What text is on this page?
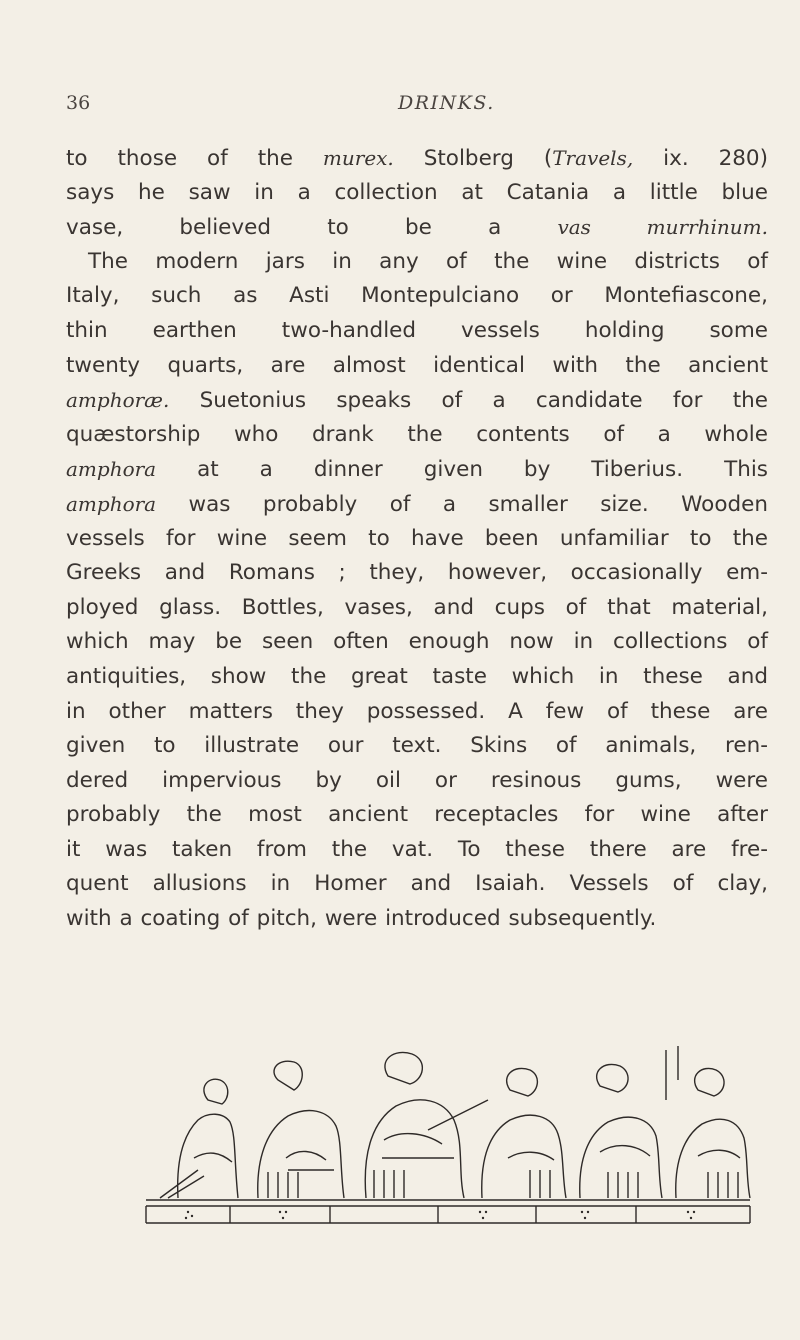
36	DRINKS.
to those of the murex. Stolberg (Travels, ix. 280)
says he saw in a collection at Catania a little blue
vase, believed to be a vas murrhinum.
The modern jars in any of the wine districts of
Italy, such as Asti Montepulciano or Montefiascone,
thin earthen two-handled vessels holding some
twenty quarts, are almost identical with the ancient
amphoræ. Suetonius speaks of a candidate for the
quæstorship who drank the contents of a whole
amphora at a dinner given by Tiberius. This
amphora was probably of a smaller size. Wooden
vessels for wine seem to have been unfamiliar to the
Greeks and Romans ; they, however, occasionally em-
ployed glass. Bottles, vases, and cups of that material,
which may be seen often enough now in collections of
antiquities, show the great taste which in these and
in other matters they possessed. A few of these are
given to illustrate our text. Skins of animals, ren-
dered impervious by oil or resinous gums, were
probably the most ancient receptacles for wine after
it was taken from the vat. To these there are fre-
quent allusions in Homer and Isaiah. Vessels of clay,
with a coating of pitch, were introduced subsequently.
